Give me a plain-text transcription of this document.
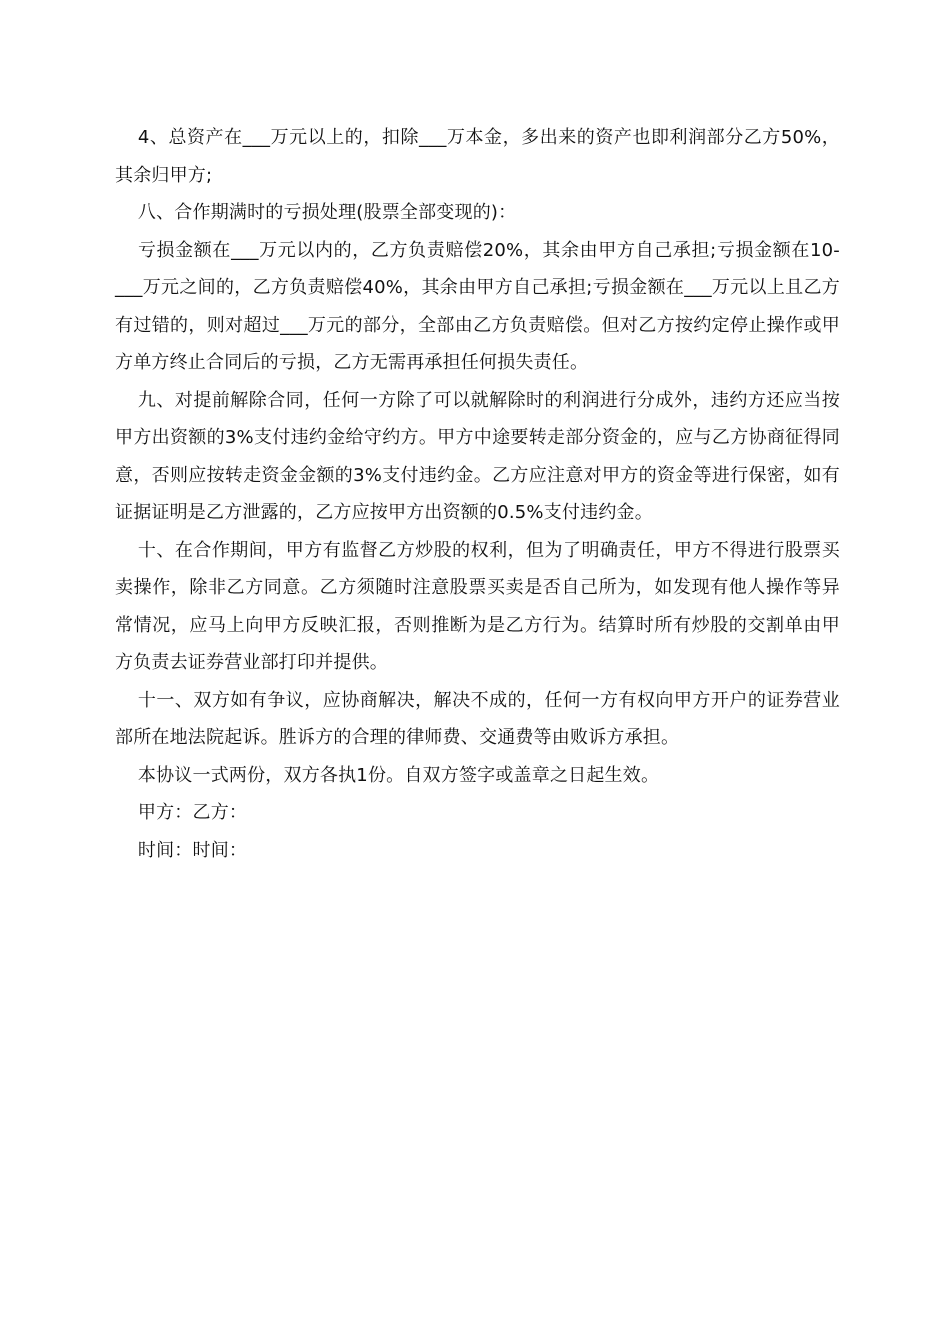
4、总资产在___万元以上的，扣除___万本金，多出来的资产也即利润部分乙方50%，其余归甲方;

八、合作期满时的亏损处理(股票全部变现的)：

亏损金额在___万元以内的，乙方负责赔偿20%，其余由甲方自己承担;亏损金额在10-___万元之间的，乙方负责赔偿40%，其余由甲方自己承担;亏损金额在___万元以上且乙方有过错的，则对超过___万元的部分，全部由乙方负责赔偿。但对乙方按约定停止操作或甲方单方终止合同后的亏损，乙方无需再承担任何损失责任。

九、对提前解除合同，任何一方除了可以就解除时的利润进行分成外，违约方还应当按甲方出资额的3%支付违约金给守约方。甲方中途要转走部分资金的，应与乙方协商征得同意，否则应按转走资金金额的3%支付违约金。乙方应注意对甲方的资金等进行保密，如有证据证明是乙方泄露的，乙方应按甲方出资额的0.5%支付违约金。

十、在合作期间，甲方有监督乙方炒股的权利，但为了明确责任，甲方不得进行股票买卖操作，除非乙方同意。乙方须随时注意股票买卖是否自己所为，如发现有他人操作等异常情况，应马上向甲方反映汇报，否则推断为是乙方行为。结算时所有炒股的交割单由甲方负责去证券营业部打印并提供。

十一、双方如有争议，应协商解决，解决不成的，任何一方有权向甲方开户的证券营业部所在地法院起诉。胜诉方的合理的律师费、交通费等由败诉方承担。

本协议一式两份，双方各执1份。自双方签字或盖章之日起生效。

甲方：乙方：

时间：时间：
